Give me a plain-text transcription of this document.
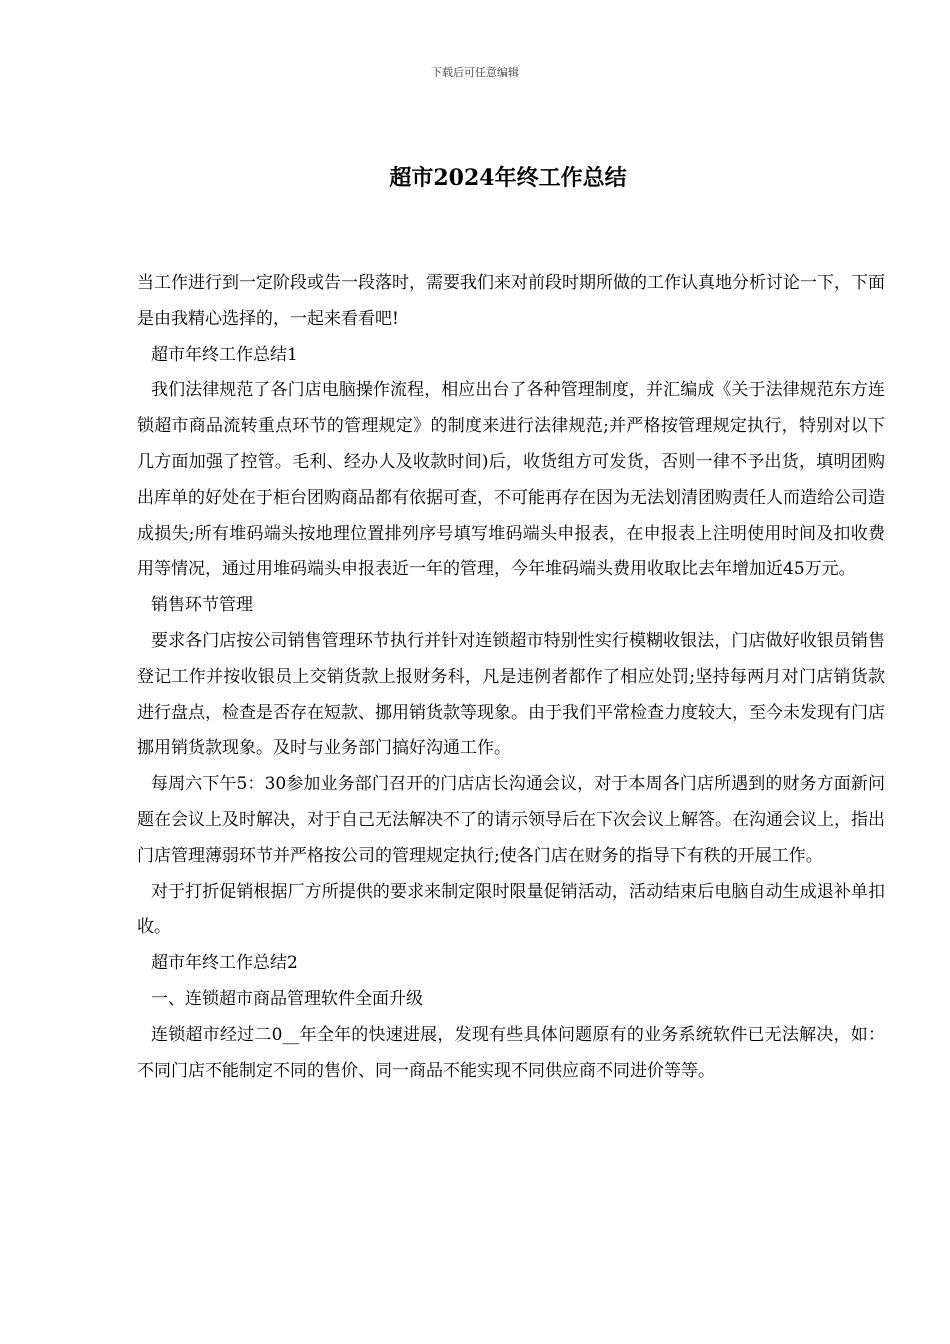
下载后可任意编辑
超市2024年终工作总结

当工作进行到一定阶段或告一段落时，需要我们来对前段时期所做的工作认真地分析讨论一下，下面是由我精心选择的，一起来看看吧!

超市年终工作总结1

我们法律规范了各门店电脑操作流程，相应出台了各种管理制度，并汇编成《关于法律规范东方连锁超市商品流转重点环节的管理规定》的制度来进行法律规范;并严格按管理规定执行，特别对以下几方面加强了控管。毛利、经办人及收款时间)后，收货组方可发货，否则一律不予出货，填明团购出库单的好处在于柜台团购商品都有依据可查，不可能再存在因为无法划清团购责任人而造给公司造成损失;所有堆码端头按地理位置排列序号填写堆码端头申报表，在申报表上注明使用时间及扣收费用等情况，通过用堆码端头申报表近一年的管理，今年堆码端头费用收取比去年增加近45万元。

销售环节管理

要求各门店按公司销售管理环节执行并针对连锁超市特别性实行模糊收银法，门店做好收银员销售登记工作并按收银员上交销货款上报财务科，凡是违例者都作了相应处罚;坚持每两月对门店销货款进行盘点，检查是否存在短款、挪用销货款等现象。由于我们平常检查力度较大，至今未发现有门店挪用销货款现象。及时与业务部门搞好沟通工作。

每周六下午5：30参加业务部门召开的门店店长沟通会议，对于本周各门店所遇到的财务方面新问题在会议上及时解决，对于自己无法解决不了的请示领导后在下次会议上解答。在沟通会议上，指出门店管理薄弱环节并严格按公司的管理规定执行;使各门店在财务的指导下有秩的开展工作。

对于打折促销根据厂方所提供的要求来制定限时限量促销活动，活动结束后电脑自动生成退补单扣收。

超市年终工作总结2

一、连锁超市商品管理软件全面升级

连锁超市经过二0__年全年的快速进展，发现有些具体问题原有的业务系统软件已无法解决，如：不同门店不能制定不同的售价、同一商品不能实现不同供应商不同进价等等。
